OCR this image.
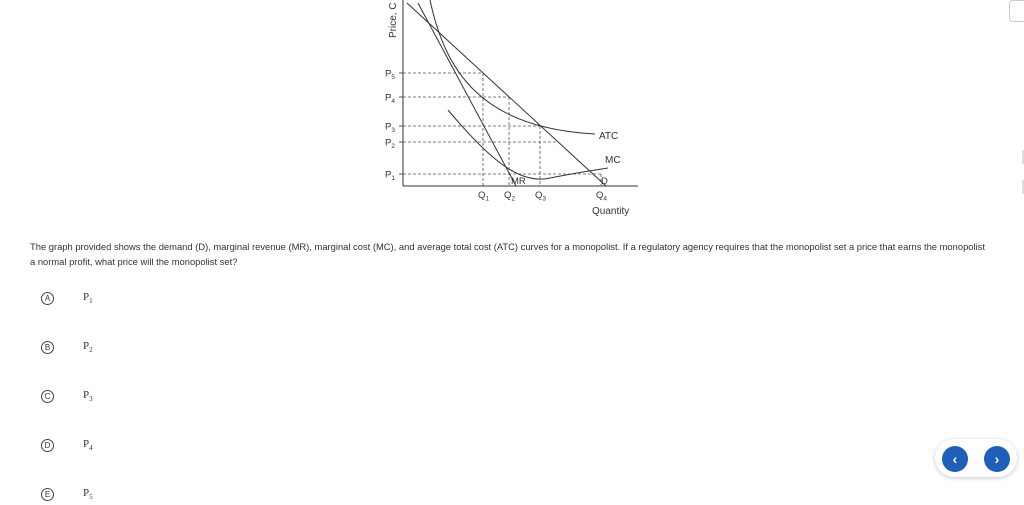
Price, C
$P_5$
$P_4$
$P_3$
$P_2$
$P_1$
$Q_1$ $Q_2$ $Q_3$	$Q_4$
ATC
MC
MR	D
Quantity
The graph provided shows the demand (D), marginal revenue (MR), marginal cost (MC), and average total cost (ATC) curves for a monopolist. If a regulatory agency requires that the monopolist set a price that earns the monopolist a normal profit, what price will the monopolist set?
A	$P_1$
B	$P_2$
C	$P_3$
D	$P_4$
E	$P_5$
‹	›
